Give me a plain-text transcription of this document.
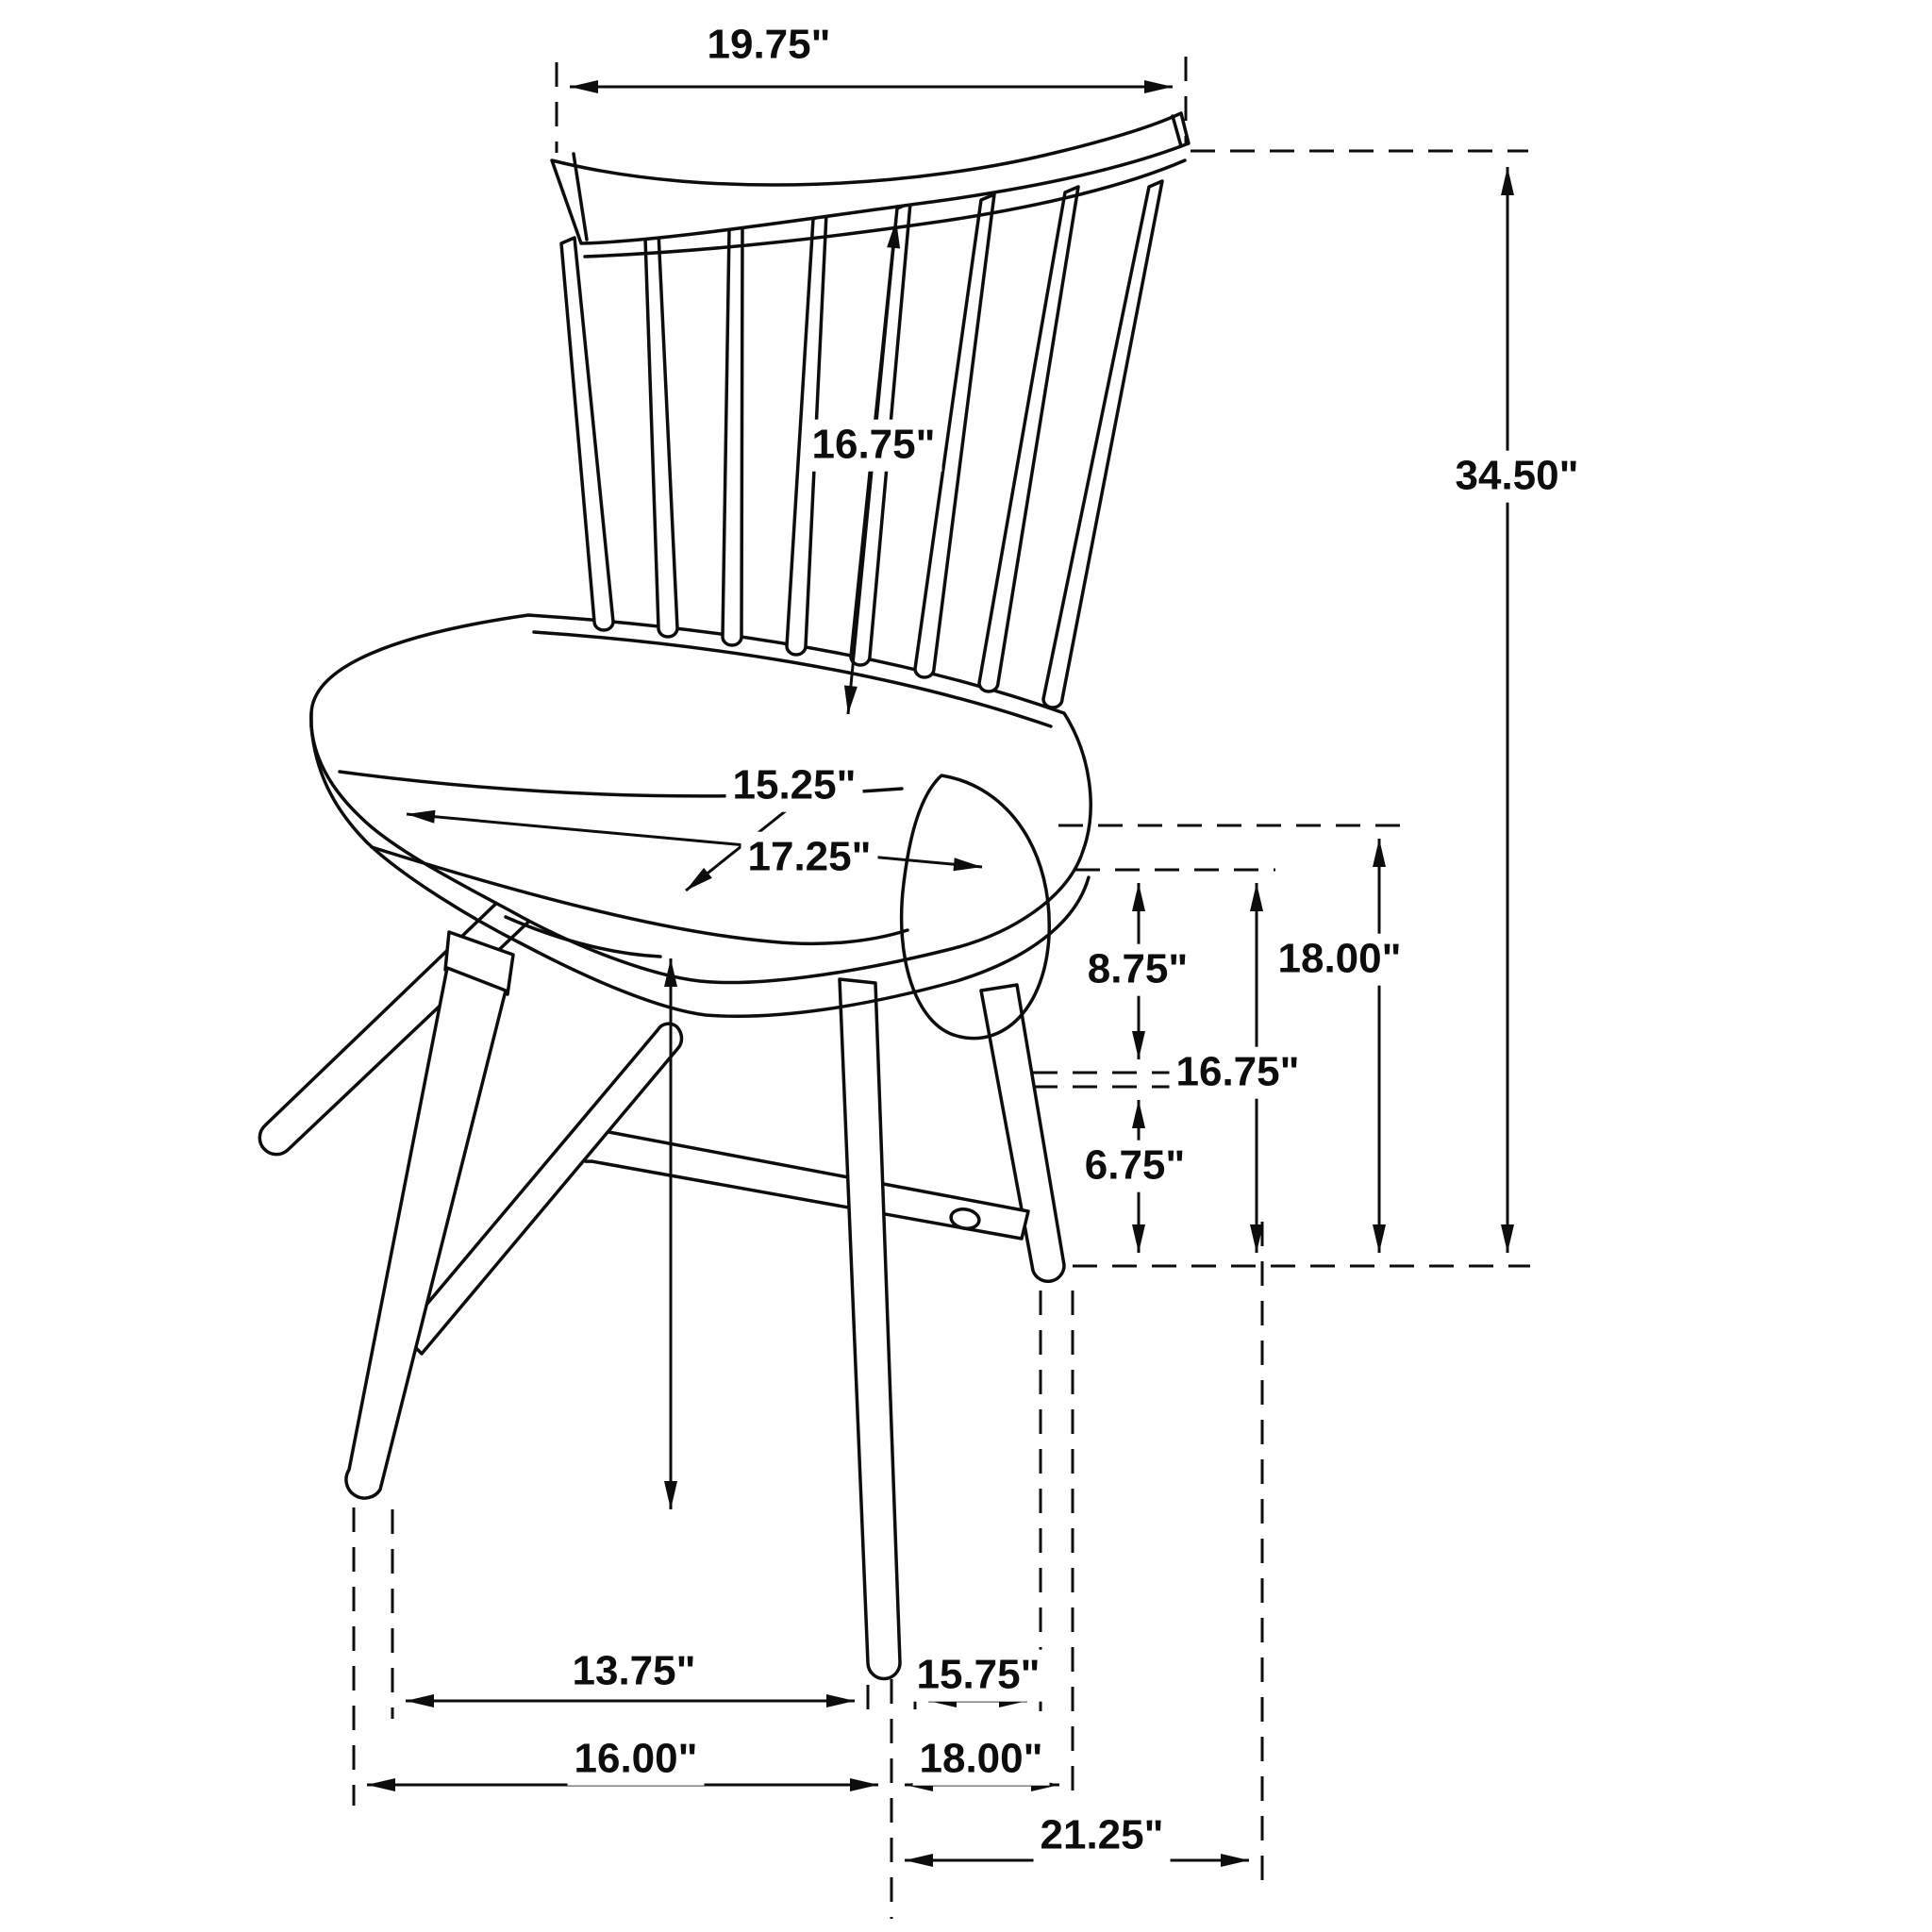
19.75"
34.50"
16.75"
15.25"
17.25"
8.75" 18.00"
16.75"
6.75"
13.75"	15.75"
16.00"	18.00"
21.25"
